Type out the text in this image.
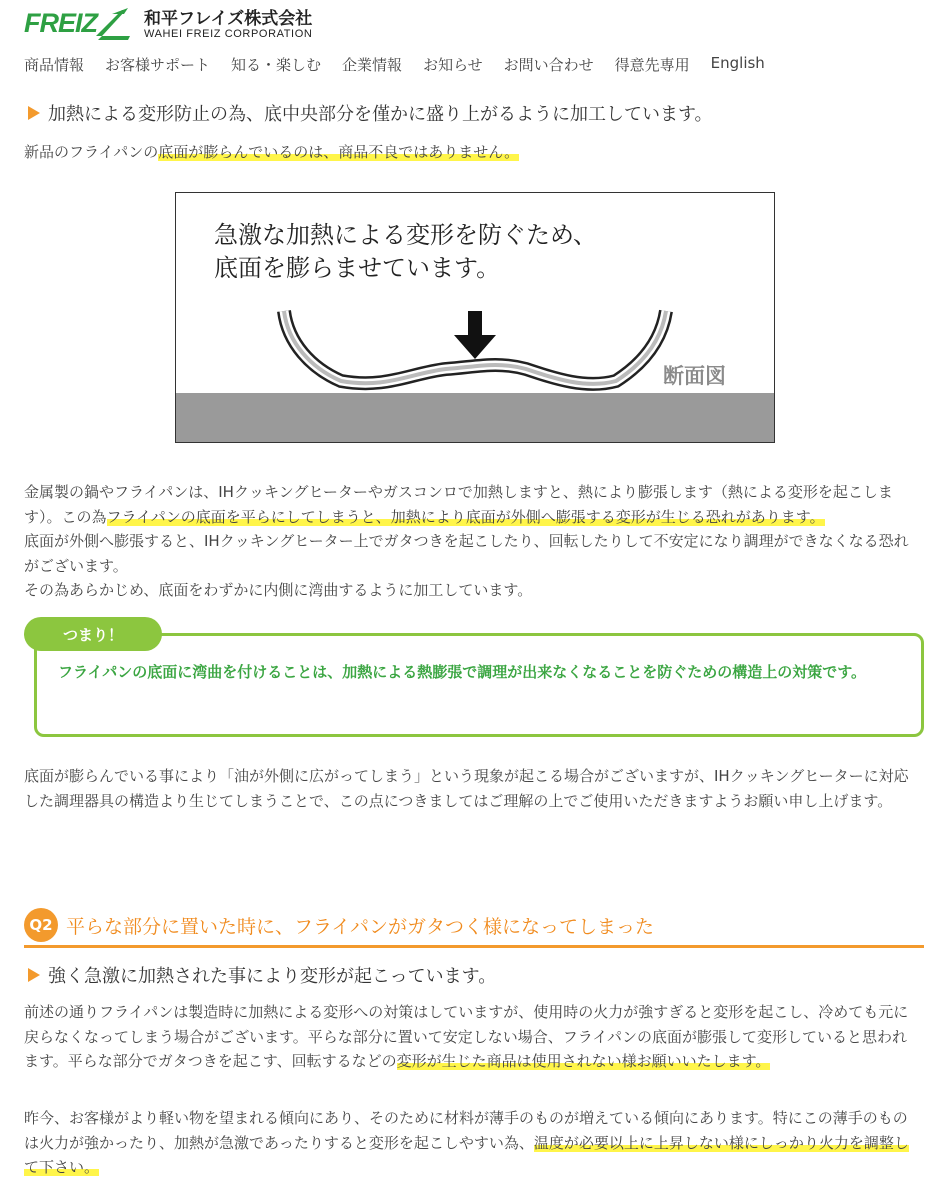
FREIZ	和平フレイズ株式会社
WAHEI FREIZ CORPORATION
商品情報 お客様サポート 知る・楽しむ 企業情報 お知らせ お問い合わせ 得意先専用 English
加熱による変形防止の為、底中央部分を僅かに盛り上がるように加工しています。
新品のフライパンの底面が膨らんでいるのは、商品不良ではありません。
急激な加熱による変形を防ぐため、
底面を膨らませています。
断面図
金属製の鍋やフライパンは、IHクッキングヒーターやガスコンロで加熱しますと、熱により膨張します（熱による変形を起こします）。この為フライパンの底面を平らにしてしまうと、加熱により底面が外側へ膨張する変形が生じる恐れがあります。
底面が外側へ膨張すると、IHクッキングヒーター上でガタつきを起こしたり、回転したりして不安定になり調理ができなくなる恐れがございます。
その為あらかじめ、底面をわずかに内側に湾曲するように加工しています。
つまり！
フライパンの底面に湾曲を付けることは、加熱による熱膨張で調理が出来なくなることを防ぐための構造上の対策です。
底面が膨らんでいる事により「油が外側に広がってしまう」という現象が起こる場合がございますが、IHクッキングヒーターに対応した調理器具の構造より生じてしまうことで、この点につきましてはご理解の上でご使用いただきますようお願い申し上げます。
Q2 平らな部分に置いた時に、フライパンがガタつく様になってしまった
強く急激に加熱された事により変形が起こっています。
前述の通りフライパンは製造時に加熱による変形への対策はしていますが、使用時の火力が強すぎると変形を起こし、冷めても元に戻らなくなってしまう場合がございます。平らな部分に置いて安定しない場合、フライパンの底面が膨張して変形していると思われます。平らな部分でガタつきを起こす、回転するなどの変形が生じた商品は使用されない様お願いいたします。
昨今、お客様がより軽い物を望まれる傾向にあり、そのために材料が薄手のものが増えている傾向にあります。特にこの薄手のものは火力が強かったり、加熱が急激であったりすると変形を起こしやすい為、温度が必要以上に上昇しない様にしっかり火力を調整して下さい。
